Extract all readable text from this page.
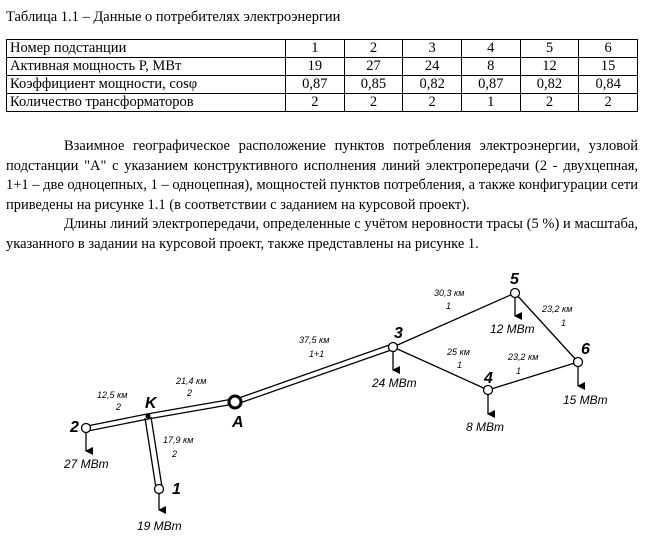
Таблица 1.1 – Данные о потребителях электроэнергии
Номер подстанции	1	2	3	4	5	6
Активная мощность P, МВт	19	27	24	8	12	15
Коэффициент мощности, cosφ	0,87	0,85	0,82	0,87	0,82	0,84
Количество трансформаторов	2	2	2	1	2	2

Взаимное географическое расположение пунктов потребления электроэнергии, узловой подстанции "А" с указанием конструктивного исполнения линий электропередачи (2 - двухцепная, 1+1 – две одноцепных, 1 – одноцепная), мощностей пунктов потребления, а также конфигурации сети приведены на рисунке 1.1 (в соответствии с заданием на курсовой проект).

Длины линий электропередачи, определенные с учётом неровности трасы (5 %) и масштаба, указанного в задании на курсовой проект, также представлены на рисунке 1.

2
1
3
4
5
6
A
K
27 МВт
19 МВт
24 МВт
8 МВт
12 МВт
15 МВт
12,5 км
2
21,4 км
2
17,9 км
2
37,5 км
1+1
30,3 км
1
25 км
1
23,2 км
1
23,2 км
1
